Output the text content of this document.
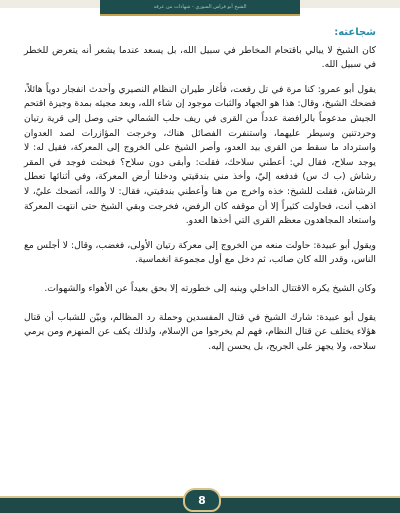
الشيخ أبو فراس السوري - شهادات من عرفه
شجاعته:

كان الشيخ لا يبالي باقتحام المخاطر في سبيل الله، بل يسعد عندما يشعر أنه يتعرض للخطر في سبيل الله.

يقول أبو عمرو: كنا مرة في تل رفعت، فأغار طيران النظام النصيري وأحدث انفجار دوياً هائلاً، فضحك الشيخ، وقال: هذا هو الجهاد والثبات موجود إن شاء الله، وبعد مجيئه بمدة وجيزة اقتحم الجيش مدعوماً بالرافضة عدداً من القرى في ريف حلب الشمالي حتى وصل إلى قرية رتيان وحردتنين وسيطر عليهما، واستنفرت الفصائل هناك، وخرجت المؤازرات لصد العدوان واسترداد ما سقط من القرى بيد العدو، وأصر الشيخ على الخروج إلى المعركة، فقيل له: لا يوجد سلاح، فقال لي: أعطني سلاحك، فقلت: وأبقى دون سلاح؟ فبحثت فوجد في المقر رشاش (ب ك س) فدفعه إليّ، وأخذ مني بندقيتي ودخلنا أرض المعركة، وفي أثنائها تعطل الرشاش، فقلت للشيخ: خذه واخرج من هنا وأعطني بندقيتي، فقال: لا والله، أتضحك عليّ، لا اذهب أنت، فحاولت كثيراً إلا أن موقفه كان الرفض، فخرجت وبقي الشيخ حتى انتهت المعركة واستعاد المجاهدون معظم القرى التي أخذها العدو.

ويقول أبو عبيدة: حاولت منعه من الخروج إلى معركة رتيان الأولى، فغضب، وقال: لا أجلس مع الناس، وقدر الله كان صائب، ثم دخل مع أول مجموعة انغماسية.

وكان الشيخ يكره الاقتتال الداخلي وينبه إلى خطورته إلا بحق بعيداً عن الأهواء والشهوات.

يقول أبو عبيدة: شارك الشيخ في قتال المفسدين وحملة رد المظالم، وبيّن للشباب أن قتال هؤلاء يختلف عن قتال النظام، فهم لم يخرجوا من الإسلام، ولذلك يكف عن المنهزم ومن يرمي سلاحه، ولا يجهز على الجريح، بل يحسن إليه.

8
